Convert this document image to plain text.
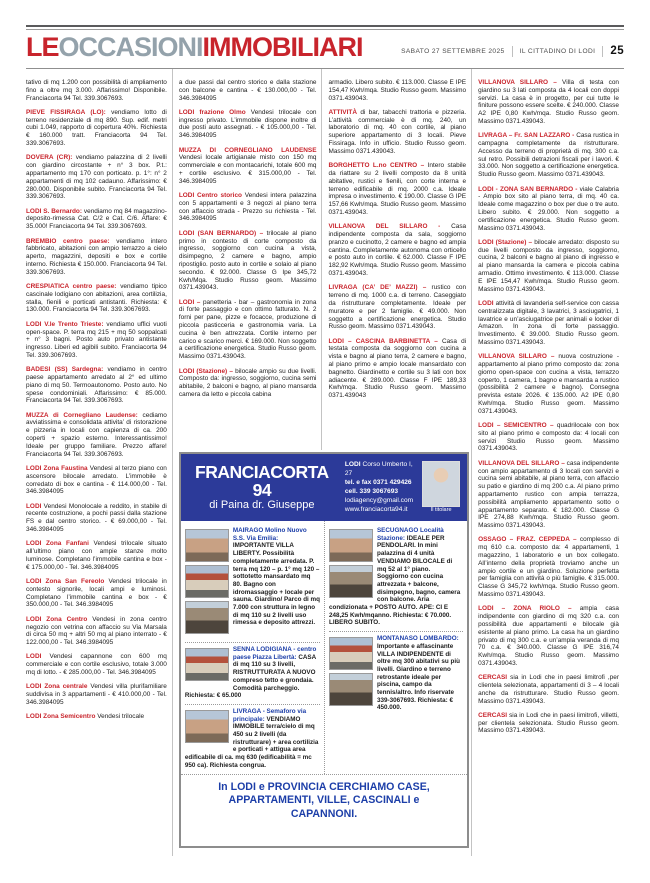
LEOCCASIONIIMMOBILIARI	SABATO 27 SETTEMBRE 2025 IL CITTADINO DI LODI 25

tativo di mq 1.200 con possibilità di ampliamento fino a oltre mq 3.000. Affarissimo! Disponibile. Franciacorta 94 Tel. 339.3067693.

PIEVE FISSIRAGA (LO): vendiamo lotto di terreno residenziale di mq 890. Sup. edif. metri cubi 1.049, rapporto di copertura 40%. Richiesta € 160.000 tratt. Franciacorta 94 Tel. 339.3067693.

DOVERA (CR): vendiamo palazzina di 2 livelli con giardino circostante + n° 3 box. P.t.: appartamento mq 170 con porticato. p. 1°: n° 2 appartamenti di mq 102 cadauno. Affarissimo: € 280.000. Disponibile subito. Franciacorta 94 Tel. 339.3067693.

LODI S. Bernardo: vendiamo mq 84 magazzino-deposito-rimessa Cat. C/2 e Cat. C/6. Affare: € 35.000! Franciacorta 94 Tel. 339.3067693.

BREMBIO centro paese: vendiamo intero fabbricato, abitazioni con ampio terrazzo a cielo aperto, magazzini, depositi e box e cortile interno. Richiesta € 150.000. Franciacorta 94 Tel. 339.3067693.

CRESPIATICA centro paese: vendiamo tipico cascinale lodigiano con abitazioni, area cortilizia, stalla, fienili e porticati antistanti. Richiesta: € 130.000. Franciacorta 94 Tel. 339.3067693.

LODI V.le Trento Trieste: vendiamo uffici vuoti open-space. P. terra mq 215 + mq 50 soppalcati + n° 3 bagni. Posto auto privato antistante ingresso. Liberi ed agibili subito. Franciacorta 94 Tel. 339.3067693.

BADESI (SS) Sardegna: vendiamo in centro paese appartamento arredato al 2° ed ultimo piano di mq 50. Termoautonomo. Posto auto. No spese condominiali. Affarissimo: € 85.000. Franciacorta 94 Tel. 339.3067693.

MUZZA di Cornegliano Laudense: cediamo avviatissima e consolidata attivita’ di ristorazione e pizzeria in locali con capienza di ca. 200 coperti + spazio esterno. Interessantissimo! Ideale per gruppo familiare. Prezzo affare! Franciacorta 94 Tel. 339.3067693.

LODI Zona Faustina Vendesi al terzo piano con ascensore bilocale arredato. L’immobile è corredato di box e cantina - € 114.000,00 - Tel. 346.3984095

LODI Vendesi Monolocale a reddito, in stabile di recente costruzione, a pochi passi dalla stazione FS e dal centro storico. - € 69.000,00 - Tel. 346.3984095

LODI Zona Fanfani Vendesi trilocale situato all’ultimo piano con ampie stanze molto luminose. Completano l’immobile cantina e box - € 175.000,00 - Tel. 346.3984095

LODI Zona San Fereolo Vendesi trilocale in contesto signorile, locali ampi e luminosi. Completano l’immobile cantina e box - € 350.000,00 - Tel. 346.3984095

LODI Zona Centro Vendesi in zona centro negozio con vetrina con affaccio su Via Marsala di circa 50 mq + altri 50 mq al piano interrato - € 122.000,00 - Tel. 346.3984095

LODI Vendesi capannone con 600 mq commerciale e con cortile esclusivo, totale 3.000 mq di lotto. - € 285.000,00 - Tel. 346.3984095

LODI Zona centrale Vendesi villa plurifamiliare suddivisa in 3 appartamenti - € 410.000,00 - Tel. 346.3984095

LODI Zona Semicentro Vendesi trilocale

a due passi dal centro storico e dalla stazione con balcone e cantina - € 130.000,00 - Tel. 346.3984095

LODI frazione Olmo Vendesi trilocale con ingresso privato. L’immobile dispone inoltre di due posti auto assegnati. - € 105.000,00 - Tel. 346.3984095

MUZZA DI CORNEGLIANO LAUDENSE Vendesi locale artigianale misto con 150 mq commerciale e con montacarichi, totale 600 mq + cortile esclusivo. € 315.000,00 - Tel. 346.3984095

LODI Centro storico Vendesi intera palazzina con 5 appartamenti e 3 negozi al piano terra con affaccio strada - Prezzo su richiesta - Tel. 346.3984095

LODI (SAN BERNARDO) – trilocale al piano primo in contesto di corte composto da ingresso, soggiorno con cucina a vista, disimpegno, 2 camere e bagno, ampio ripostiglio. posto auto in cortile e solaio al piano secondo. € 92.000. Classe G Ipe 345,72 Kwh/Mqa. Studio Russo geom. Massimo 0371.439043.

LODI – panetteria - bar – gastronomia in zona di forte passaggio e con ottimo fatturato. N. 2 forni per pane, pizze e focacce, produzione di piccola pasticceria e gastronomia varia. La cucina è ben attrezzata. Cortile interno per carico e scarico merci. € 169.000. Non soggetto a certificazione energetica. Studio Russo geom. Massimo 0371.439043.

LODI (Stazione) – bilocale ampio su due livelli. Composto da: ingresso, soggiorno, cucina semi abitabile, 2 balconi e bagno, al piano mansarda camera da letto e piccola cabina

armadio. Libero subito. € 113.000. Classe E IPE 154,47 Kwh/mqa. Studio Russo geom. Massimo 0371.439043.

ATTIVITÀ di bar, tabacchi trattoria e pizzeria. L’attività commerciale è di mq. 240, un laboratorio di mq. 40 con cortile, al piano superiore appartamento di 3 locali. Pieve Fissiraga. Info in ufficio. Studio Russo geom. Massimo 0371.439043.

BORGHETTO L.no CENTRO – Intero stabile da riattare su 2 livelli composto da 8 unità abitative, rustici e fienili, con corte interna e terreno edificabile di mq. 2000 c.a. Ideale impresa o investimento. € 190.00. Classe G IPE 157,66 Kwh/mqa. Studio Russo geom. Massimo 0371.439043.

VILLANOVA DEL SILLARO - Casa indipendente composta da sala, soggiorno pranzo e cucinotto, 2 camere e bagno ed ampia cantina. Completamente autonoma con orticello e posto auto in cortile. € 62.000. Classe F IPE 182,92 Kwh/mqa. Studio Russo geom. Massimo 0371.439043.

LIVRAGA (CA’ DE’ MAZZI) – rustico con terreno di mq. 1000 c.a. di terreno. Caseggiato da ristrutturare completamente. Ideale per muratore e per 2 famiglie. € 49.000. Non soggetto a certificazione energetica. Studio Russo geom. Massimo 0371.439043.

LODI – CASCINA BARBINETTA – Casa di testata composta da soggiorno con cucina a vista e bagno al piano terra, 2 camere e bagno, al piano primo e ampio locale mansardato con bagnetto. Giardinetto e cortile su 3 lati con box adiacente. € 289.000. Classe F IPE 189,33 Kwh/mqa. Studio Russo geom. Massimo 0371.439043

FRANCIACORTA 94
di Paina dr. Giuseppe
LODI Corso Umberto I, 27
tel. e fax 0371 429426
cell. 339 3067693
lodiagency@gmail.com
www.franciacorta94.it	Il titolare
MAIRAGO Molino Nuovo S.S. Via Emilia: IMPORTANTE VILLA LIBERTY. Possibilità completamente arredata. P. terra mq 120 – p. 1° mq 120 – sottotetto mansardato mq 80. Bagno con idromassaggio + locale per sauna. Giardino/ Parco di mq 7.000 con struttura in legno di mq 110 su 2 livelli uso rimessa e deposito attrezzi.
SENNA LODIGIANA - centro paese Piazza Libertà: CASA di mq 110 su 3 livelli, RISTRUTTURATA A NUOVO compreso tetto e grondaia. Comodità parcheggio. Richiesta: € 65.000
LIVRAGA - Semaforo via principale: VENDIAMO IMMOBILE terra/cielo di mq 450 su 2 livelli (da ristrutturare) + area cortilizia e porticati + attigua area edificabile di ca. mq 630 (edificabilità = mc 950 ca). Richiesta congrua.
SECUGNAGO Località Stazione: IDEALE PER PENDOLARI. In mini palazzina di 4 unità VENDIAMO BILOCALE di mq 52 al 1° piano. Soggiorno con cucina attrezzata + balcone, disimpegno, bagno, camera con balcone. Aria condizionata + POSTO AUTO. APE: CI E 248,25 Kwh/mqanno. Richiesta: € 70.000. LIBERO SUBITO.
MONTANASO LOMBARDO: Importante e affascinante VILLA INDIPENDENTE di oltre mq 300 abitativi su più livelli. Giardino e terreno retrostante ideale per piscina, campo da tennis/altro. Info riservate 339-3067693. Richiesta: € 450.000.
In LODI e PROVINCIA CERCHIAMO CASE, APPARTAMENTI, VILLE, CASCINALI e CAPANNONI.

VILLANOVA SILLARO – Villa di testa con giardino su 3 lati composta da 4 locali con doppi servizi. La casa è in progetto, per cui tutte le finiture possono essere scelte. € 240.000. Classe A2 IPE 0,80 Kwh/mqa. Studio Russo geom. Massimo 0371.439043.

LIVRAGA – Fr. SAN LAZZARO - Casa rustica in campagna completamente da ristrutturare. Accesso da terreno di proprietà di mq. 300 c.a. sul retro. Possibili detrazioni fiscali per i lavori. € 33.000. Non soggetto a certificazione energetica. Studio Russo geom. Massimo 0371.439043.

LODI - ZONA SAN BERNARDO - viale Calabria - Ampio box sito al piano terra, di mq. 40 ca. Ideale come magazzino o box per due o tre auto. Libero subito. € 29.000. Non soggetto a certificazione energetica. Studio Russo geom. Massimo 0371.439043.

LODI (Stazione) – bilocale arredato: disposto su due livelli composto da ingresso, soggiorno, cucina, 2 balconi e bagno al piano di ingresso e al piano mansarda la camera e piccola cabina armadio. Ottimo investimento. € 113.000. Classe E IPE 154,47 Kwh/mqa. Studio Russo geom. Massimo 0371.439043.

LODI attività di lavanderia self-service con cassa centralizzata digitale, 3 lavatrici, 3 asciugatrici, 1 lavatrice e un’asciugatrice per animali e locker di Amazon. In zona di forte passaggio. Investimento. € 39.000. Studio Russo geom. Massimo 0371.439043.

VILLANOVA SILLARO – nuova costruzione - appartamento al piano primo composto da: zona giorno open-space con cucina a vista, terrazzo coperto, 1 camera, 1 bagno e mansarda a rustico (possibilità 2 camere e bagno). Consegna prevista estate 2026. € 135.000. A2 IPE 0,80 Kwh/mqa. Studio Russo geom. Massimo 0371.439043.

LODI – SEMICENTRO – quadrilocale con box sito al piano primo e composto da: 4 locali con servizi Studio Russo geom. Massimo 0371.439043.

VILLANOVA DEL SILLARO – casa indipendente con ampio appartamento di 3 locali con servizi e cucina semi abitabile, al piano terra, con affaccio su patio e giardino di mq 200 c.a. Al piano primo appartamento rustico con ampia terrazza, possibilità ampliamento appartamento sotto o appartamento separato. € 182.000. Classe G IPE 274,88 Kwh/mqa. Studio Russo geom. Massimo 0371.439043.

OSSAGO – FRAZ. CEPPEDA – complesso di mq 610 c.a. composto da: 4 appartamenti, 1 magazzino, 1 laboratorio e un box collegato. All’interno della proprietà troviamo anche un ampio cortile e un giardino. Soluzione perfetta per famiglia con attività o più famiglie. € 315.000. Classe G 345,72 kwh/mqa. Studio Russo geom. Massimo 0371.439043.

LODI – ZONA RIOLO – ampia casa indipendente con giardino di mq 320 c.a. con possibilità due appartamenti e bilocale già esistente al piano primo. La casa ha un giardino privato di mq 300 c.a. e un’ampia veranda di mq 70 c.a. € 340.000. Classe G IPE 316,74 Kwh/mqa. Studio Russo geom. Massimo 0371.439043.

CERCASI sia in Lodi che in paesi limitrofi ,per clientela selezionata, appartamenti di 3 – 4 locali anche da ristrutturare. Studio Russo geom. Massimo 0371.439043.

CERCASI sia in Lodi che in paesi limitrofi, villetti, per clientela selezionata. Studio Russo geom. Massimo 0371.439043.
